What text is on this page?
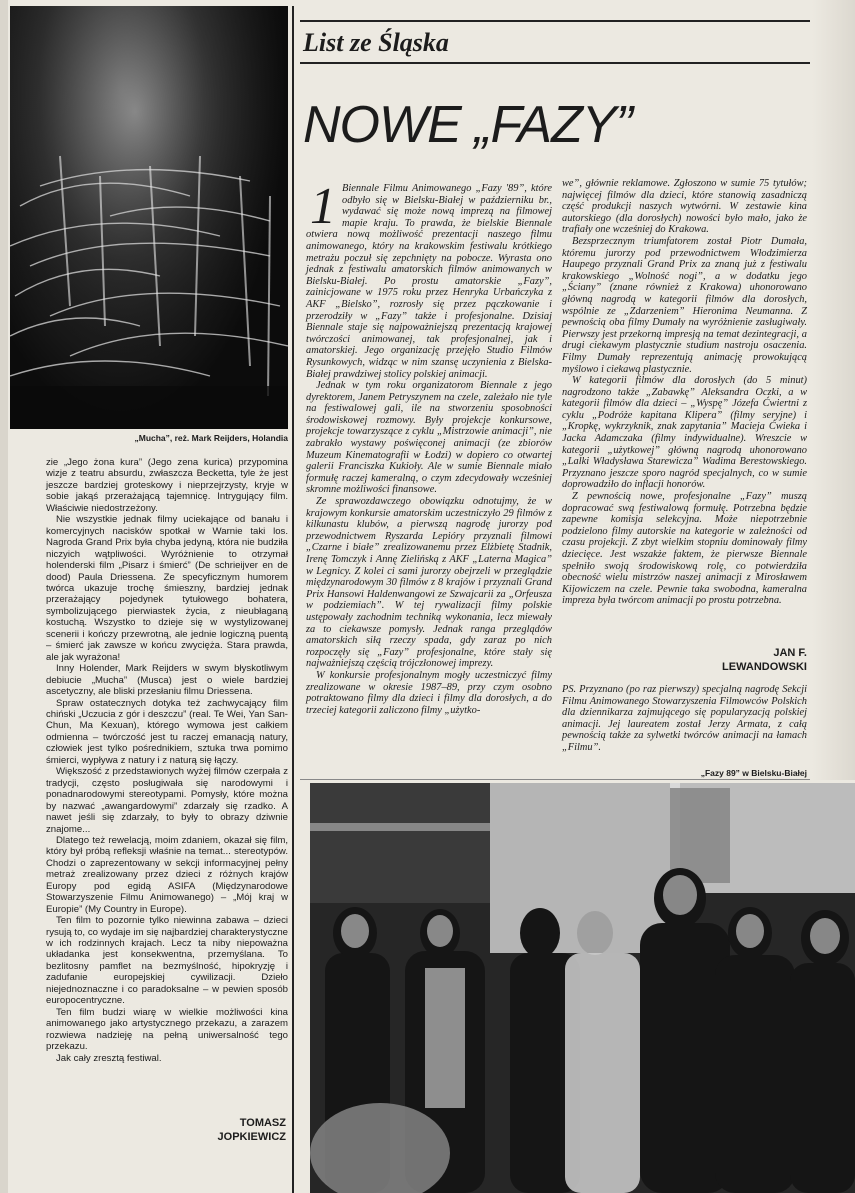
„Mucha”, reż. Mark Reijders, Holandia

zie „Jego żona kura” (Jego zena kurica) przypomina wizje z teatru absurdu, zwłaszcza Becketta, tyle że jest jeszcze bardziej groteskowy i nieprzejrzysty, kryje w sobie jakąś przerażającą tajemnicę. Intrygujący film. Właściwie niedostrzeżony.

Nie wszystkie jednak filmy uciekające od banału i komercyjnych nacisków spotkał w Warnie taki los. Nagroda Grand Prix była chyba jedyną, która nie budziła niczyich wątpliwości. Wyróżnienie to otrzymał holenderski film „Pisarz i śmierć” (De schrieijver en de dood) Paula Driessena. Ze specyficznym humorem twórca ukazuje trochę śmieszny, bardziej jednak przerażający pojedynek tytułowego bohatera, symbolizującego pierwiastek życia, z nieubłaganą kostuchą. Wszystko to dzieje się w wystylizowanej scenerii i kończy przewrotną, ale jednie logiczną puentą – śmierć jak zawsze w końcu zwycięża. Stara prawda, ale jak wyrażona!

Inny Holender, Mark Reijders w swym błyskotliwym debiucie „Mucha” (Musca) jest o wiele bardziej ascetyczny, ale bliski przesłaniu filmu Driessena.

Spraw ostatecznych dotyka też zachwycający film chiński „Uczucia z gór i deszczu” (real. Te Wei, Yan San-Chun, Ma Kexuan), którego wymowa jest całkiem odmienna – twórczość jest tu raczej emanacją natury, człowiek jest tylko pośrednikiem, sztuka trwa pomimo śmierci, wypływa z natury i z naturą się łączy.

Większość z przedstawionych wyżej filmów czerpała z tradycji, często posługiwała się narodowymi i ponadnarodowymi stereotypami. Pomysły, które można by nazwać „awangardowymi” zdarzały się rzadko. A nawet jeśli się zdarzały, to były to obrazy dziwnie znajome...

Dlatego też rewelacją, moim zdaniem, okazał się film, który był próbą refleksji właśnie na temat... stereotypów. Chodzi o zaprezentowany w sekcji informacyjnej pełny metraż zrealizowany przez dzieci z różnych krajów Europy pod egidą ASIFA (Międzynarodowe Stowarzyszenie Filmu Animowanego) – „Mój kraj w Europie” (My Country in Europe).

Ten film to pozornie tylko niewinna zabawa – dzieci rysują to, co wydaje im się najbardziej charakterystyczne w ich rodzinnych krajach. Lecz ta niby niepoważna układanka jest konsekwentna, przemyślana. To bezlitosny pamflet na bezmyślność, hipokryzję i zadufanie europejskiej cywilizacji. Dzieło niejednoznaczne i co paradoksalne – w pewien sposób europocentryczne.

Ten film budzi wiarę w wielkie możliwości kina animowanego jako artystycznego przekazu, a zarazem rozwiewa nadzieję na pełną uniwersalność tego przekazu.

Jak cały zresztą festiwal.

TOMASZ
JOPKIEWICZ
List ze Śląska
NOWE „FAZY”
1 Biennale Filmu Animowanego „Fazy '89”, które odbyło się w Bielsku-Białej w październiku br., wydawać się może nową imprezą na filmowej mapie kraju. To prawda, że bielskie Biennale otwiera nową możliwość prezentacji naszego filmu animowanego, który na krakowskim festiwalu krótkiego metrażu poczuł się zepchnięty na pobocze. Wyrasta ono jednak z festiwalu amatorskich filmów animowanych w Bielsku-Białej. Po prostu amatorskie „Fazy”, zainicjowane w 1975 roku przez Henryka Urbańczyka z AKF „Bielsko”, rozrosły się przez pączkowanie i przerodziły w „Fazy” także i profesjonalne. Dzisiaj Biennale staje się najpoważniejszą prezentacją krajowej twórczości animowanej, tak profesjonalnej, jak i amatorskiej. Jego organizację przejęło Studio Filmów Rysunkowych, widząc w nim szansę uczynienia z Bielska-Białej prawdziwej stolicy polskiej animacji.

Jednak w tym roku organizatorom Biennale z jego dyrektorem, Janem Petryszynem na czele, zależało nie tyle na festiwalowej gali, ile na stworzeniu sposobności środowiskowej rozmowy. Były projekcje konkursowe, projekcje towarzyszące z cyklu „Mistrzowie animacji”, nie zabrakło wystawy poświęconej animacji (ze zbiorów Muzeum Kinematografii w Łodzi) w dopiero co otwartej galerii Franciszka Kukioły. Ale w sumie Biennale miało formułę raczej kameralną, o czym zdecydowały wcześniej skromne możliwości finansowe.

Ze sprawozdawczego obowiązku odnotujmy, że w krajowym konkursie amatorskim uczestniczyło 29 filmów z kilkunastu klubów, a pierwszą nagrodę jurorzy pod przewodnictwem Ryszarda Lepióry przyznali filmowi „Czarne i białe” zrealizowanemu przez Elżbietę Stadnik, Irenę Tomczyk i Annę Zielińską z AKF „Laterna Magica” w Legnicy. Z kolei ci sami jurorzy obejrzeli w przeglądzie międzynarodowym 30 filmów z 8 krajów i przyznali Grand Prix Hansowi Haldenwangowi ze Szwajcarii za „Orfeusza w podziemiach”. W tej rywalizacji filmy polskie ustępowały zachodnim techniką wykonania, lecz miewały za to ciekawsze pomysły. Jednak ranga przeglądów amatorskich siłą rzeczy spada, gdy zaraz po nich rozpoczęły się „Fazy” profesjonalne, które stały się najważniejszą częścią trójczłonowej imprezy.

W konkursie profesjonalnym mogły uczestniczyć filmy zrealizowane w okresie 1987–89, przy czym osobno potraktowano filmy dla dzieci i filmy dla dorosłych, a do trzeciej kategorii zaliczono filmy „użytko-

we”, głównie reklamowe. Zgłoszono w sumie 75 tytułów; najwięcej filmów dla dzieci, które stanowią zasadniczą część produkcji naszych wytwórni. W zestawie kina autorskiego (dla dorosłych) nowości było mało, jako że trafiały one wcześniej do Krakowa.

Bezsprzecznym triumfatorem został Piotr Dumała, któremu jurorzy pod przewodnictwem Włodzimierza Haupego przyznali Grand Prix za znaną już z festiwalu krakowskiego „Wolność nogi”, a w dodatku jego „Ściany” (znane również z Krakowa) uhonorowano główną nagrodą w kategorii filmów dla dorosłych, wspólnie ze „Zdarzeniem” Hieronima Neumanna. Z pewnością oba filmy Dumały na wyróżnienie zasługiwały. Pierwszy jest przekorną impresją na temat dezintegracji, a drugi ciekawym plastycznie studium nastroju osaczenia. Filmy Dumały reprezentują animację prowokującą myślowo i ciekawą plastycznie.

W kategorii filmów dla dorosłych (do 5 minut) nagrodzono także „Zabawkę” Aleksandra Oczki, a w kategorii filmów dla dzieci – „Wyspę” Józefa Ćwiertni z cyklu „Podróże kapitana Klipera” (filmy seryjne) i „Kropkę, wykrzyknik, znak zapytania” Macieja Ćwieka i Jacka Adamczaka (filmy indywidualne). Wreszcie w kategorii „użytkowej” główną nagrodą uhonorowano „Lalki Władysława Starewicza” Wadima Berestowskiego. Przyznano jeszcze sporo nagród specjalnych, co w sumie doprowadziło do inflacji honorów.

Z pewnością nowe, profesjonalne „Fazy” muszą dopracować swą festiwalową formułę. Potrzebna będzie zapewne komisja selekcyjna. Może niepotrzebnie podzielono filmy autorskie na kategorie w zależności od czasu projekcji. Z zbyt wielkim stopniu dominowały filmy dziecięce. Jest wszakże faktem, że pierwsze Biennale spełniło swoją środowiskową rolę, co potwierdziła obecność wielu mistrzów naszej animacji z Mirosławem Kijowiczem na czele. Pewnie taka swobodna, kameralna impreza była twórcom animacji po prostu potrzebna.

JAN F.
LEWANDOWSKI

PS. Przyznano (po raz pierwszy) specjalną nagrodę Sekcji Filmu Animowanego Stowarzyszenia Filmowców Polskich dla dziennikarza zajmującego się popularyzacją polskiej animacji. Jej laureatem został Jerzy Armata, z całą pewnością także za sylwetki twórców animacji na łamach „Filmu”.

„Fazy 89” w Bielsku-Białej
